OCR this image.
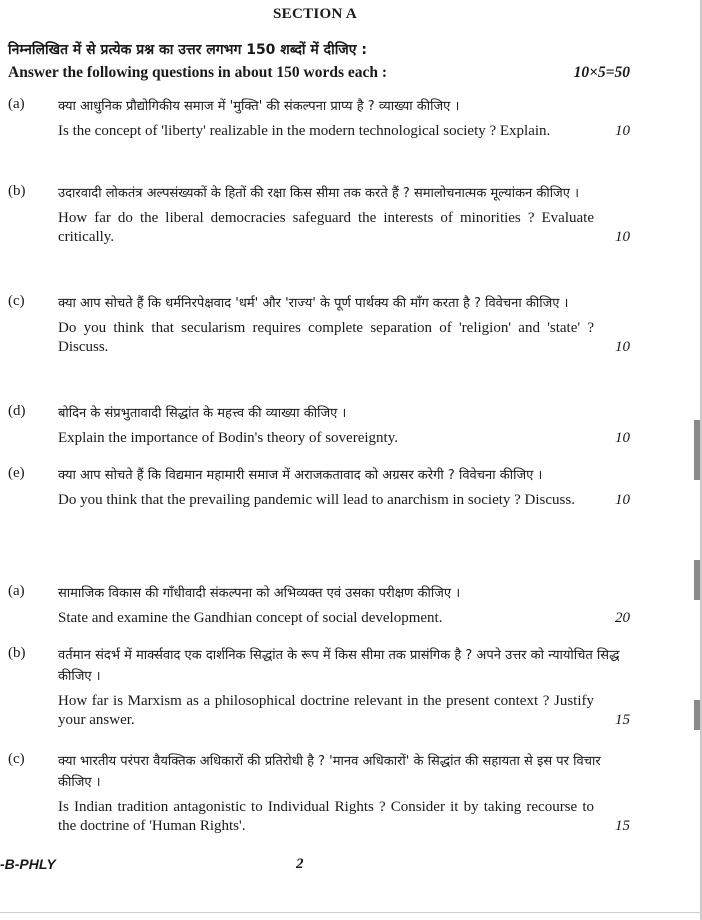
SECTION A
निम्नलिखित में से प्रत्येक प्रश्न का उत्तर लगभग 150 शब्दों में दीजिए :
Answer the following questions in about 150 words each :	10×5=50
(a)	क्या आधुनिक प्रौद्योगिकीय समाज में 'मुक्ति' की संकल्पना प्राप्य है ? व्याख्या कीजिए ।
Is the concept of 'liberty' realizable in the modern technological society ? Explain.	10
(b)	उदारवादी लोकतंत्र अल्पसंख्यकों के हितों की रक्षा किस सीमा तक करते हैं ? समालोचनात्मक मूल्यांकन कीजिए ।
How far do the liberal democracies safeguard the interests of minorities ? Evaluate critically.	10
(c)	क्या आप सोचते हैं कि धर्मनिरपेक्षवाद 'धर्म' और 'राज्य' के पूर्ण पार्थक्य की माँग करता है ? विवेचना कीजिए ।
Do you think that secularism requires complete separation of 'religion' and 'state' ? Discuss.	10
(d)	बोदिन के संप्रभुतावादी सिद्धांत के महत्त्व की व्याख्या कीजिए ।
Explain the importance of Bodin's theory of sovereignty.	10
(e)	क्या आप सोचते हैं कि विद्यमान महामारी समाज में अराजकतावाद को अग्रसर करेगी ? विवेचना कीजिए ।
Do you think that the prevailing pandemic will lead to anarchism in society ? Discuss.	10
(a)	सामाजिक विकास की गाँधीवादी संकल्पना को अभिव्यक्त एवं उसका परीक्षण कीजिए ।
State and examine the Gandhian concept of social development.	20
(b)	वर्तमान संदर्भ में मार्क्सवाद एक दार्शनिक सिद्धांत के रूप में किस सीमा तक प्रासंगिक है ? अपने उत्तर को न्यायोचित सिद्ध कीजिए ।
How far is Marxism as a philosophical doctrine relevant in the present context ? Justify your answer.	15
(c)	क्या भारतीय परंपरा वैयक्तिक अधिकारों की प्रतिरोधी है ? 'मानव अधिकारों' के सिद्धांत की सहायता से इस पर विचार कीजिए ।
Is Indian tradition antagonistic to Individual Rights ? Consider it by taking recourse to the doctrine of 'Human Rights'.	15
-B-PHLY	2
